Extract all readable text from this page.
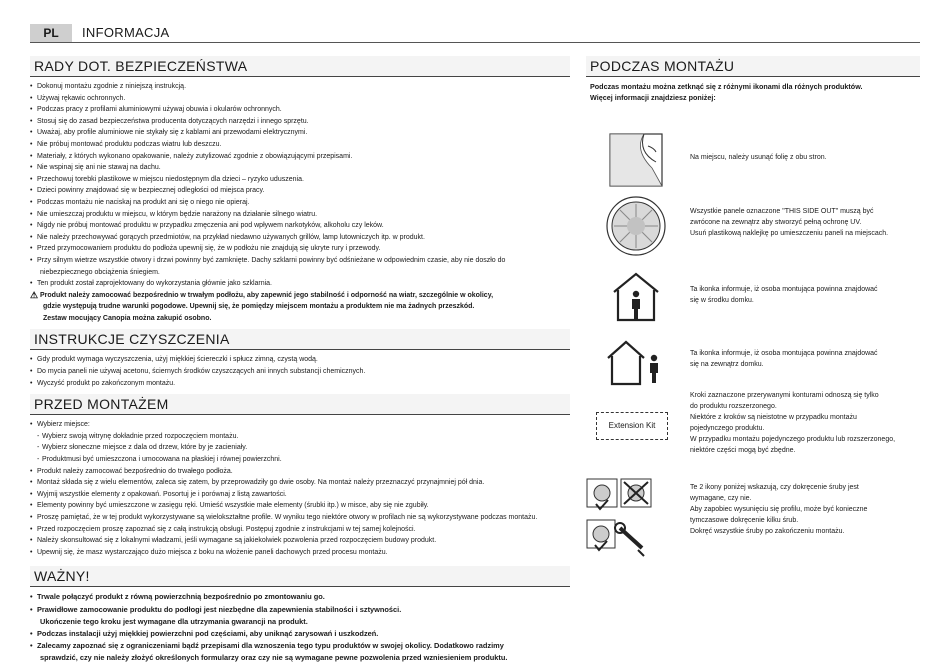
PL	INFORMACJA
RADY DOT. BEZPIECZEŃSTWA
• Dokonuj montażu zgodnie z niniejszą instrukcją.
• Używaj rękawic ochronnych.
• Podczas pracy z profilami aluminiowymi używaj obuwia i okularów ochronnych.
• Stosuj się do zasad bezpieczeństwa producenta dotyczących narzędzi i innego sprzętu.
• Uważaj, aby profile aluminiowe nie stykały się z kablami ani przewodami elektrycznymi.
• Nie próbuj montować produktu podczas wiatru lub deszczu.
• Materiały, z których wykonano opakowanie, należy zutylizować zgodnie z obowiązującymi przepisami.
• Nie wspinaj się ani nie stawaj na dachu.
• Przechowuj torebki plastikowe w miejscu niedostępnym dla dzieci – ryzyko uduszenia.
• Dzieci powinny znajdować się w bezpiecznej odległości od miejsca pracy.
• Podczas montażu nie naciskaj na produkt ani się o niego nie opieraj.
• Nie umieszczaj produktu w miejscu, w którym będzie narażony na działanie silnego wiatru.
• Nigdy nie próbuj montować produktu w przypadku zmęczenia ani pod wpływem narkotyków, alkoholu czy leków.
• Nie należy przechowywać gorących przedmiotów, na przykład niedawno używanych grillów, lamp lutowniczych itp. w produkt.
• Przed przymocowaniem produktu do podłoża upewnij się, że w podłożu nie znajdują się ukryte rury i przewody.
• Przy silnym wietrze wszystkie otwory i drzwi powinny być zamknięte. Dachy szklarni powinny być odśnieżane w odpowiednim czasie, aby nie doszło do
niebezpiecznego obciążenia śniegiem.
• Ten produkt został zaprojektowany do wykorzystania głównie jako szklarnia.
⚠ Produkt należy zamocować bezpośrednio w trwałym podłożu, aby zapewnić jego stabilność i odporność na wiatr, szczególnie w okolicy,
gdzie występują trudne warunki pogodowe. Upewnij się, że pomiędzy miejscem montażu a produktem nie ma żadnych przeszkód.
Zestaw mocujący Canopia można zakupić osobno.
INSTRUKCJE CZYSZCZENIA
• Gdy produkt wymaga wyczyszczenia, użyj miękkiej ściereczki i spłucz zimną, czystą wodą.
• Do mycia paneli nie używaj acetonu, ściernych środków czyszczących ani innych substancji chemicznych.
• Wyczyść produkt po zakończonym montażu.
PRZED MONTAŻEM
• Wybierz miejsce:
- Wybierz swoją witrynę dokładnie przed rozpoczęciem montażu.
- Wybierz słoneczne miejsce z dala od drzew, które by je zacieniały.
- Produktmusi być umieszczona i umocowana na płaskiej i równej powierzchni.
• Produkt należy zamocować bezpośrednio do trwałego podłoża.
• Montaż składa się z wielu elementów, zaleca się zatem, by przeprowadziły go dwie osoby. Na montaż należy przeznaczyć przynajmniej pół dnia.
• Wyjmij wszystkie elementy z opakowań. Posortuj je i porównaj z listą zawartości.
• Elementy powinny być umieszczone w zasięgu ręki. Umieść wszystkie małe elementy (śrubki itp.) w misce, aby się nie zgubiły.
• Proszę pamiętać, że w tej produkt wykorzystywane są wielokształtne profile. W wyniku tego niektóre otwory w profilach nie są wykorzystywane podczas montażu.
• Przed rozpoczęciem proszę zapoznać się z całą instrukcją obsługi. Postępuj zgodnie z instrukcjami w tej samej kolejności.
• Należy skonsultować się z lokalnymi władzami, jeśli wymagane są jakiekolwiek pozwolenia przed rozpoczęciem budowy produkt.
• Upewnij się, że masz wystarczająco dużo miejsca z boku na włożenie paneli dachowych przed procesu montażu.
WAŻNY!
• Trwale połączyć produkt z równą powierzchnią bezpośrednio po zmontowaniu go.
• Prawidłowe zamocowanie produktu do podłogi jest niezbędne dla zapewnienia stabilności i sztywności.
Ukończenie tego kroku jest wymagane dla utrzymania gwarancji na produkt.
• Podczas instalacji użyj miękkiej powierzchni pod częściami, aby uniknąć zarysowań i uszkodzeń.
• Zalecamy zapoznać się z ograniczeniami bądź przepisami dla wznoszenia tego typu produktów w swojej okolicy. Dodatkowo radzimy
sprawdzić, czy nie należy złożyć określonych formularzy oraz czy nie są wymagane pewne pozwolenia przed wzniesieniem produktu.
PODCZAS MONTAŻU
Podczas montażu można zetknąć się z różnymi ikonami dla różnych produktów.
Więcej informacji znajdziesz poniżej:

Na miejscu, należy usunąć folię z obu stron.

Wszystkie panele oznaczone "THIS SIDE OUT" muszą być

zwrócone na zewnątrz aby stworzyć pełną ochronę UV.

Usuń plastikową naklejkę po umieszczeniu paneli na miejscach.

Ta ikonka informuje, iż osoba montująca powinna znajdować

się w środku domku.

Ta ikonka informuje, iż osoba montująca powinna znajdować

się na zewnątrz domku.

Extension Kit

Kroki zaznaczone przerywanymi konturami odnoszą się tylko

do produktu rozszerzonego.

Niektóre z kroków są nieistotne w przypadku montażu

pojedynczego produktu.

W przypadku montażu pojedynczego produktu lub rozszerzonego,

niektóre części mogą być zbędne.

Te 2 ikony poniżej wskazują, czy dokręcenie śruby jest

wymagane, czy nie.

Aby zapobiec wysunięciu się profilu, może być konieczne

tymczasowe dokręcenie kilku śrub.

Dokręć wszystkie śruby po zakończeniu montażu.
